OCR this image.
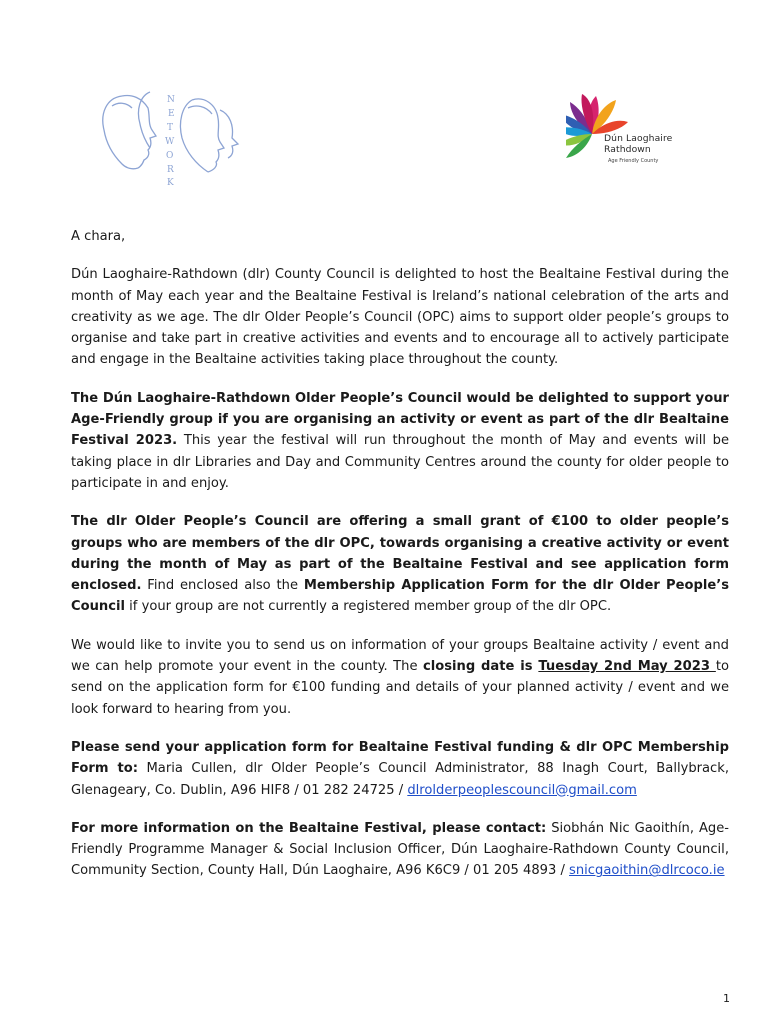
N
E
T
W
O
R
K
Dún Laoghaire
Rathdown
Age Friendly County

A chara,

Dún Laoghaire-Rathdown (dlr) County Council is delighted to host the Bealtaine Festival during the month of May each year and the Bealtaine Festival is Ireland’s national celebration of the arts and creativity as we age. The dlr Older People’s Council (OPC) aims to support older people’s groups to organise and take part in creative activities and events and to encourage all to actively participate and engage in the Bealtaine activities taking place throughout the county.

The Dún Laoghaire-Rathdown Older People’s Council would be delighted to support your Age-Friendly group if you are organising an activity or event as part of the dlr Bealtaine Festival 2023. This year the festival will run throughout the month of May and events will be taking place in dlr Libraries and Day and Community Centres around the county for older people to participate in and enjoy.

The dlr Older People’s Council are offering a small grant of €100 to older people’s groups who are members of the dlr OPC, towards organising a creative activity or event during the month of May as part of the Bealtaine Festival and see application form enclosed. Find enclosed also the Membership Application Form for the dlr Older People’s Council if your group are not currently a registered member group of the dlr OPC.

We would like to invite you to send us on information of your groups Bealtaine activity / event and we can help promote your event in the county. The closing date is Tuesday 2nd May 2023 to send on the application form for €100 funding and details of your planned activity / event and we look forward to hearing from you.

Please send your application form for Bealtaine Festival funding & dlr OPC Membership Form to: Maria Cullen, dlr Older People’s Council Administrator, 88 Inagh Court, Ballybrack, Glenageary, Co. Dublin, A96 HIF8 / 01 282 24725 / dlrolderpeoplescouncil@gmail.com

For more information on the Bealtaine Festival, please contact: Siobhán Nic Gaoithín, Age-Friendly Programme Manager & Social Inclusion Officer, Dún Laoghaire-Rathdown County Council, Community Section, County Hall, Dún Laoghaire, A96 K6C9 / 01 205 4893 / snicgaoithin@dlrcoco.ie

1
